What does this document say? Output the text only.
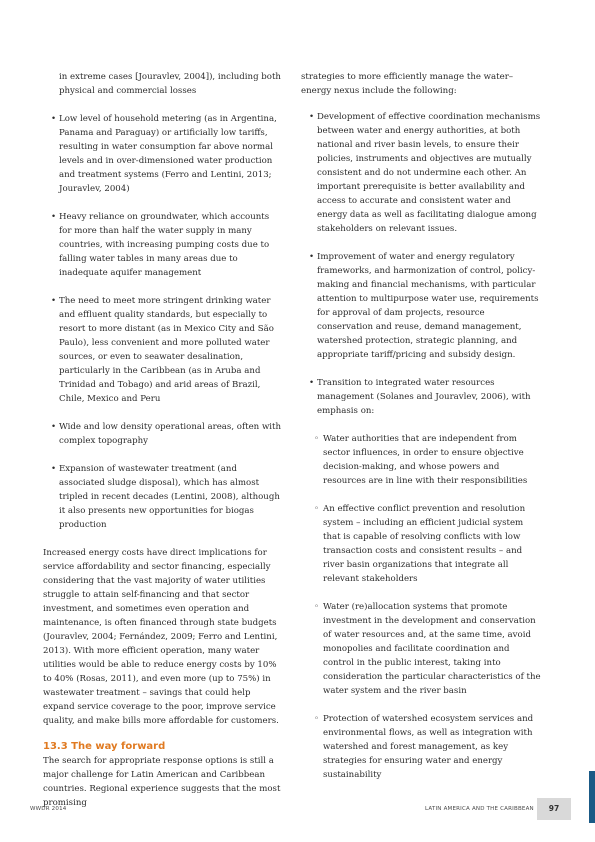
in extreme cases [Jouravlev, 2004]), including both physical and commercial losses
• Low level of household metering (as in Argentina, Panama and Paraguay) or artificially low tariffs, resulting in water consumption far above normal levels and in over-dimensioned water production and treatment systems (Ferro and Lentini, 2013; Jouravlev, 2004)
• Heavy reliance on groundwater, which accounts for more than half the water supply in many countries, with increasing pumping costs due to falling water tables in many areas due to inadequate aquifer management
• The need to meet more stringent drinking water and effluent quality standards, but especially to resort to more distant (as in Mexico City and São Paulo), less convenient and more polluted water sources, or even to seawater desalination, particularly in the Caribbean (as in Aruba and Trinidad and Tobago) and arid areas of Brazil, Chile, Mexico and Peru
• Wide and low density operational areas, often with complex topography
• Expansion of wastewater treatment (and associated sludge disposal), which has almost tripled in recent decades (Lentini, 2008), although it also presents new opportunities for biogas production

Increased energy costs have direct implications for service affordability and sector financing, especially considering that the vast majority of water utilities struggle to attain self-financing and that sector investment, and sometimes even operation and maintenance, is often financed through state budgets (Jouravlev, 2004; Fernández, 2009; Ferro and Lentini, 2013). With more efficient operation, many water utilities would be able to reduce energy costs by 10% to 40% (Rosas, 2011), and even more (up to 75%) in wastewater treatment – savings that could help expand service coverage to the poor, improve service quality, and make bills more affordable for customers.

13.3 The way forward

The search for appropriate response options is still a major challenge for Latin American and Caribbean countries. Regional experience suggests that the most promising

strategies to more efficiently manage the water–energy nexus include the following:
• Development of effective coordination mechanisms between water and energy authorities, at both national and river basin levels, to ensure their policies, instruments and objectives are mutually consistent and do not undermine each other. An important prerequisite is better availability and access to accurate and consistent water and energy data as well as facilitating dialogue among stakeholders on relevant issues.
• Improvement of water and energy regulatory frameworks, and harmonization of control, policy-making and financial mechanisms, with particular attention to multipurpose water use, requirements for approval of dam projects, resource conservation and reuse, demand management, watershed protection, strategic planning, and appropriate tariff/pricing and subsidy design.
• Transition to integrated water resources management (Solanes and Jouravlev, 2006), with emphasis on:
◦ Water authorities that are independent from sector influences, in order to ensure objective decision-making, and whose powers and resources are in line with their responsibilities
◦ An effective conflict prevention and resolution system – including an efficient judicial system that is capable of resolving conflicts with low transaction costs and consistent results – and river basin organizations that integrate all relevant stakeholders
◦ Water (re)allocation systems that promote investment in the development and conservation of water resources and, at the same time, avoid monopolies and facilitate coordination and control in the public interest, taking into consideration the particular characteristics of the water system and the river basin
◦ Protection of watershed ecosystem services and environmental flows, as well as integration with watershed and forest management, as key strategies for ensuring water and energy sustainability
WWDR 2014	LATIN AMERICA AND THE CARIBBEAN	97
